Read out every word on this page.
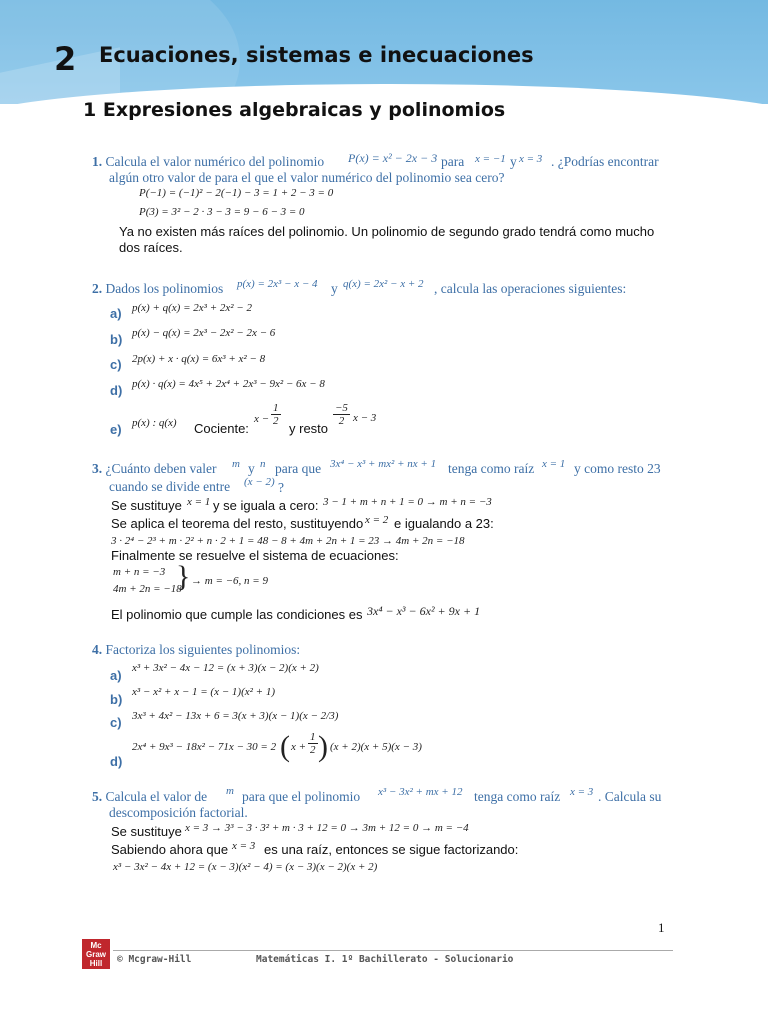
2 Ecuaciones, sistemas e inecuaciones
1 Expresiones algebraicas y polinomios
1. Calcula el valor numérico del polinomio P(x) = x² − 2x − 3 para x = −1 y x = 3 . ¿Podrías encontrar
algún otro valor de para el que el valor numérico del polinomio sea cero?
P(−1) = (−1)² − 2(−1) − 3 = 1 + 2 − 3 = 0
P(3) = 3² − 2 · 3 − 3 = 9 − 6 − 3 = 0
Ya no existen más raíces del polinomio. Un polinomio de segundo grado tendrá como mucho
dos raíces.
2. Dados los polinomios p(x) = 2x³ − x − 4 y q(x) = 2x² − x + 2 , calcula las operaciones siguientes:
a) p(x) + q(x) = 2x³ + 2x² − 2
b) p(x) − q(x) = 2x³ − 2x² − 2x − 6
c) 2p(x) + x · q(x) = 6x³ + x² − 8
d) p(x) · q(x) = 4x⁵ + 2x⁴ + 2x³ − 9x² − 6x − 8
e) p(x) : q(x) Cociente:
$x - \frac{1}{2}$
y resto
$\frac{-5}{2}$ x − 3
3. ¿Cuánto deben valer m y n para que 3x⁴ − x³ + mx² + nx + 1 tenga como raíz x = 1 y como resto 23
cuando se divide entre (x − 2) ?
Se sustituye x = 1 y se iguala a cero: 3 − 1 + m + n + 1 = 0 → m + n = −3
Se aplica el teorema del resto, sustituyendo x = 2 e igualando a 23:
3 · 2⁴ − 2³ + m · 2² + n · 2 + 1 = 48 − 8 + 4m + 2n + 1 = 23 → 4m + 2n = −18
Finalmente se resuelve el sistema de ecuaciones:
m + n = −3
4m + 2n = −18
} → m = −6, n = 9
El polinomio que cumple las condiciones es 3x⁴ − x³ − 6x² + 9x + 1
4. Factoriza los siguientes polinomios:
a) x³ + 3x² − 4x − 12 = (x + 3)(x − 2)(x + 2)
b) x³ − x² + x − 1 = (x − 1)(x² + 1)
c) 3x³ + 4x² − 13x + 6 = 3(x + 3)(x − 1)(x − 2/3)
d)
2x⁴ + 9x³ − 18x² − 71x − 30 = 2 ( $x + \frac{1}{2}$ ) (x + 2)(x + 5)(x − 3)
5. Calcula el valor de m para que el polinomio x³ − 3x² + mx + 12 tenga como raíz x = 3 . Calcula su
descomposición factorial.
Se sustituye x = 3 → 3³ − 3 · 3² + m · 3 + 12 = 0 → 3m + 12 = 0 → m = −4
Sabiendo ahora que x = 3 es una raíz, entonces se sigue factorizando:
x³ − 3x² − 4x + 12 = (x − 3)(x² − 4) = (x − 3)(x − 2)(x + 2)
1
Mc Graw Hill	© Mcgraw-Hill	Matemáticas I. 1º Bachillerato - Solucionario
